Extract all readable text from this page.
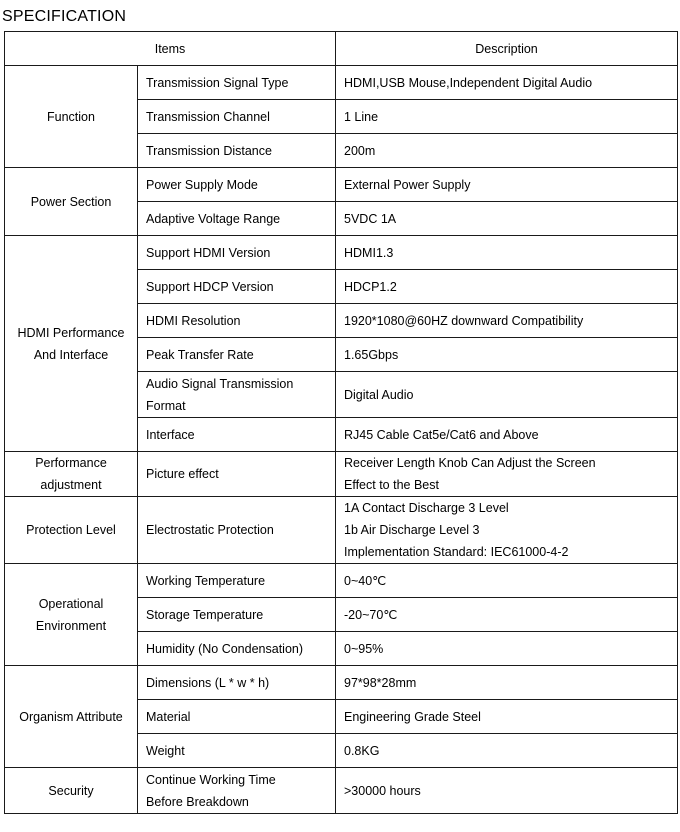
SPECIFICATION
Items		Description

Function	Transmission Signal Type	HDMI,USB Mouse,Independent Digital Audio

	Transmission Channel	1 Line

	Transmission Distance	200m

Power Section	Power Supply Mode	External Power Supply

	Adaptive Voltage Range	5VDC 1A

HDMI Performance
And Interface	Support HDMI Version	HDMI1.3

	Support HDCP Version	HDCP1.2

	HDMI Resolution	1920*1080@60HZ downward Compatibility

	Peak Transfer Rate	1.65Gbps

	Audio Signal Transmission
Format	Digital Audio

	Interface	RJ45 Cable Cat5e/Cat6 and Above

Performance
adjustment	Picture effect	Receiver Length Knob Can Adjust the Screen
Effect to the Best

Protection Level	Electrostatic Protection	1A Contact Discharge 3 Level
1b Air Discharge Level 3
Implementation Standard: IEC61000-4-2

Operational
Environment	Working Temperature	0~40℃

	Storage Temperature	-20~70℃

	Humidity (No Condensation)	0~95%

Organism Attribute	Dimensions (L * w * h)	97*98*28mm

	Material	Engineering Grade Steel

	Weight	0.8KG

Security	Continue Working Time
Before Breakdown	>30000 hours
